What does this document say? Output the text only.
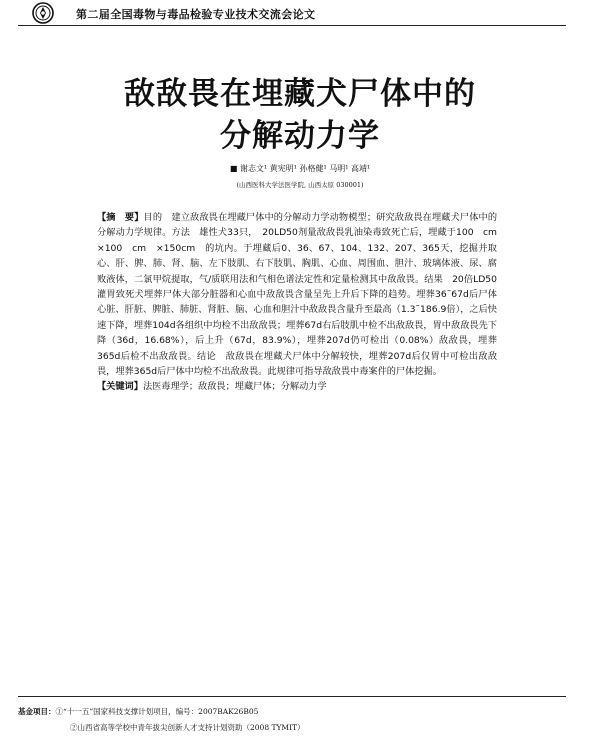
第二届全国毒物与毒品检验专业技术交流会论文
敌敌畏在埋藏犬尸体中的
分解动力学
■ 谢志文¹ 黄宪明¹ 孙格健¹ 马明¹ 高靖¹
(山西医科大学法医学院, 山西太原 030001)

【摘　要】目的　建立敌敌畏在埋藏尸体中的分解动力学动物模型；研究敌敌畏在埋藏犬尸体中的分解动力学规律。方法　雄性犬33只，　20LD50剂量敌敌畏乳油染毒致死亡后，埋藏于100　cm ×100　cm　×150cm　的坑内。于埋藏后0、36、67、104、132、207、365天，挖掘并取心、肝、脾、肺、肾、脑、左下肢肌、右下肢肌、胸肌、心血、周围血、胆汁、玻璃体液、尿、腐败液体，二氯甲烷提取，气/质联用法和气相色谱法定性和定量检测其中敌敌畏。结果　20倍LD50灌胃致死犬埋葬尸体大部分脏器和心血中敌敌畏含量呈先上升后下降的趋势。埋葬36˜67d后尸体心脏、肝脏、脾脏、肺脏、肾脏、脑、心血和胆汁中敌敌畏含量升至最高（1.3˜186.9倍），之后快速下降，埋葬104d各组织中均检不出敌敌畏；埋葬67d右后肢肌中检不出敌敌畏，胃中敌敌畏先下降（36d，16.68%），后上升（67d，83.9%），埋葬207d仍可检出（0.08%）敌敌畏，埋葬365d后检不出敌敌畏。结论　敌敌畏在埋藏犬尸体中分解较快，埋葬207d后仅胃中可检出敌敌畏，埋葬365d后尸体中均检不出敌敌畏。此规律可指导敌敌畏中毒案件的尸体挖掘。

【关键词】法医毒理学；敌敌畏；埋藏尸体；分解动力学

基金项目：①“十一五”国家科技支撑计划项目，编号：2007BAK26B05
②山西省高等学校中青年拔尖创新人才支持计划资助（2008 TYMIT）
